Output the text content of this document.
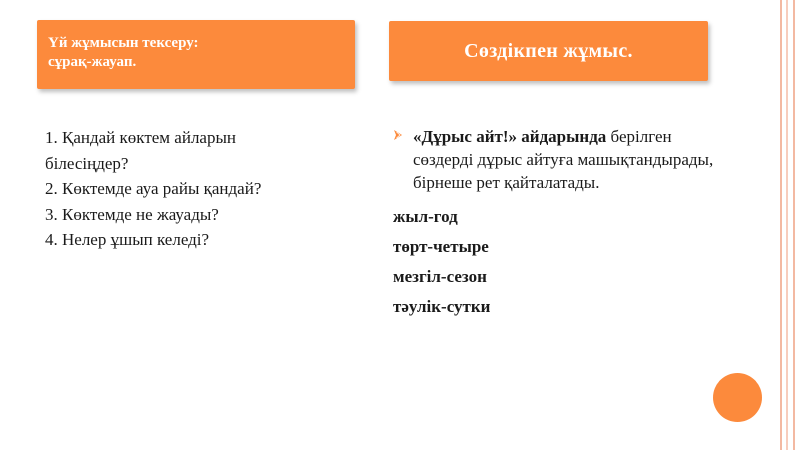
Үй жұмысын тексеру:
сұрақ-жауап.
Сөздікпен жұмыс.
1. Қандай көктем айларын
білесіңдер?
2. Көктемде ауа райы қандай?
3. Көктемде не жауады?
4. Нелер ұшып келеді?
«Дұрыс айт!» айдарында берілген сөздерді дұрыс айтуға машықтандырады, бірнеше рет қайталатады.
жыл-год
төрт-четыре
мезгіл-сезон
тәулік-сутки
